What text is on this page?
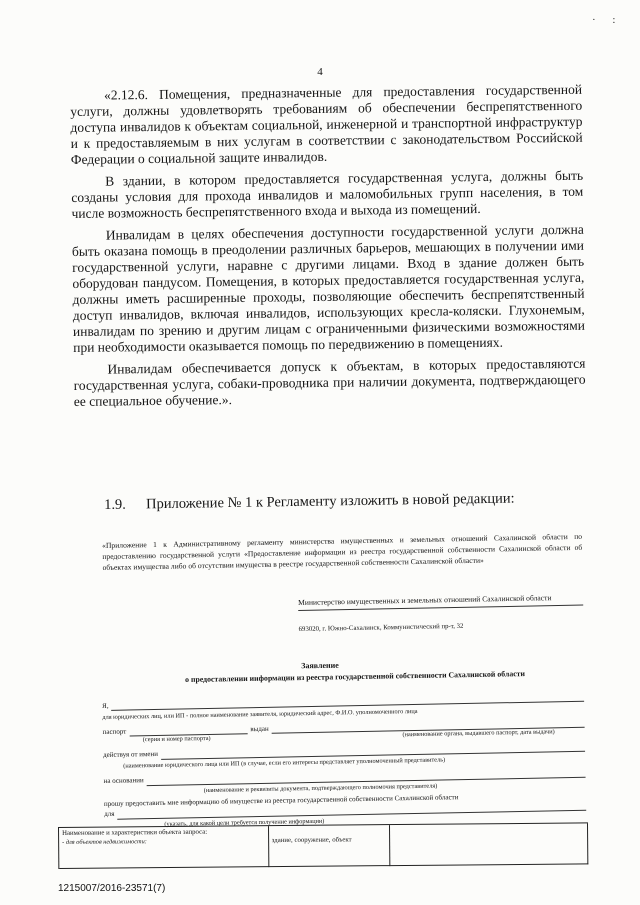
· :
4

«2.12.6. Помещения, предназначенные для предоставления государственной услуги, должны удовлетворять требованиям об обеспечении беспрепятственного доступа инвалидов к объектам социальной, инженерной и транспортной инфраструктур и к предоставляемым в них услугам в соответствии с законодательством Российской Федерации о социальной защите инвалидов.

В здании, в котором предоставляется государственная услуга, должны быть созданы условия для прохода инвалидов и маломобильных групп населения, в том числе возможность беспрепятственного входа и выхода из помещений.

Инвалидам в целях обеспечения доступности государственной услуги должна быть оказана помощь в преодолении различных барьеров, мешающих в получении ими государственной услуги, наравне с другими лицами. Вход в здание должен быть оборудован пандусом. Помещения, в которых предоставляется государственная услуга, должны иметь расширенные проходы, позволяющие обеспечить беспрепятственный доступ инвалидов, включая инвалидов, использующих кресла-коляски. Глухонемым, инвалидам по зрению и другим лицам с ограниченными физическими возможностями при необходимости оказывается помощь по передвижению в помещениях.

Инвалидам обеспечивается допуск к объектам, в которых предоставляются государственная услуга, собаки-проводника при наличии документа, подтверждающего ее специальное обучение.».

1.9. Приложение № 1 к Регламенту изложить в новой редакции:
«Приложение 1 к Административному регламенту министерства имущественных и земельных отношений Сахалинской области по предоставлению государственной услуги «Предоставление информации из реестра государственной собственности Сахалинской области об объектах имущества либо об отсутствии имущества в реестре государственной собственности Сахалинской области»
Министерство имущественных и земельных отношений Сахалинской области
693020, г. Южно-Сахалинск, Коммунистический пр-т, 32
Заявление
о предоставлении информации из реестра государственной собственности Сахалинской области
Я,
для юридических лиц, или ИП - полное наименование заявителя, юридический адрес, Ф.И.О. уполномоченного лица
паспорт	выдан
(серия и номер паспорта)
(наименование органа, выдавшего паспорт, дата выдачи)
действуя от имени
(наименование юридического лица или ИП (в случае, если его интересы представляет уполномоченный представитель)
на основании
(наименование и реквизиты документа, подтверждающего полномочия представителя)
прошу предоставить мне информацию об имуществе из реестра государственной собственности Сахалинской области
для
(указать, для какой цели требуется получение информации)
Наименование и характеристики объекта запроса:
- для объектов недвижимости:	здание, сооружение, объект
1215007/2016-23571(7)
